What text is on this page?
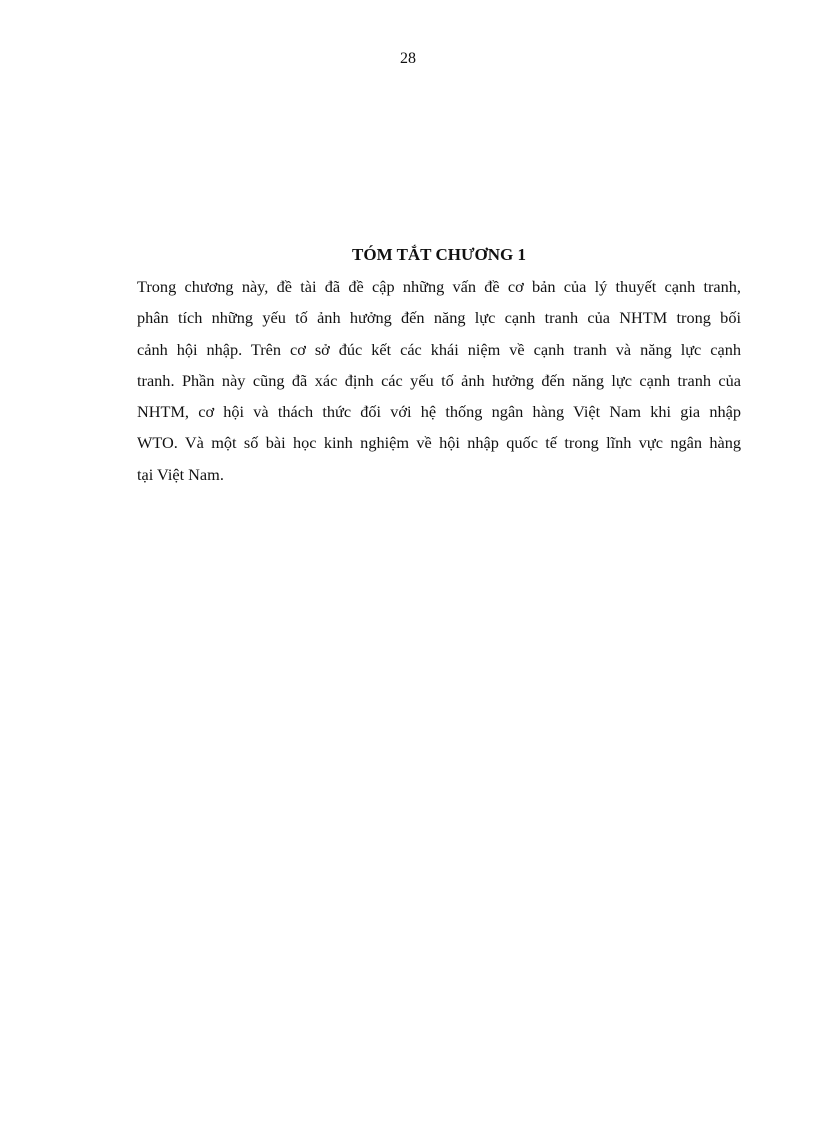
28
TÓM TẮT CHƯƠNG 1
Trong chương này, đề tài đã đề cập những vấn đề cơ bản của lý thuyết cạnh tranh,
phân tích những yếu tố ảnh hưởng đến năng lực cạnh tranh của NHTM trong bối
cảnh hội nhập. Trên cơ sở đúc kết các khái niệm về cạnh tranh và năng lực cạnh
tranh. Phần này cũng đã xác định các yếu tố ảnh hưởng đến năng lực cạnh tranh của
NHTM, cơ hội và thách thức đối với hệ thống ngân hàng Việt Nam khi gia nhập
WTO. Và một số bài học kinh nghiệm về hội nhập quốc tế trong lĩnh vực ngân hàng
tại Việt Nam.
